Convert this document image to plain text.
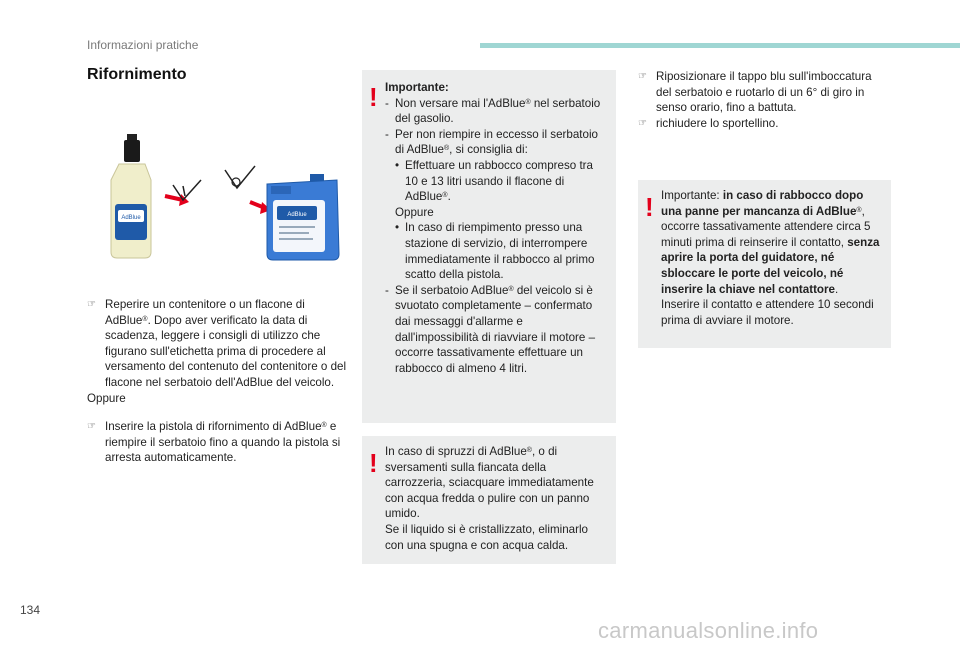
Informazioni pratiche
Rifornimento
AdBlue	AdBlue
☞ Reperire un contenitore o un flacone di AdBlue®. Dopo aver verificato la data di scadenza, leggere i consigli di utilizzo che figurano sull'etichetta prima di procedere al versamento del contenuto del contenitore o del flacone nel serbatoio dell'AdBlue del veicolo.
Oppure
☞ Inserire la pistola di rifornimento di AdBlue® e riempire il serbatoio fino a quando la pistola si arresta automaticamente.
! Importante:
- Non versare mai l'AdBlue® nel serbatoio del gasolio.
- Per non riempire in eccesso il serbatoio di AdBlue®, si consiglia di:
• Effettuare un rabbocco compreso tra 10 e 13 litri usando il flacone di AdBlue®.
Oppure
• In caso di riempimento presso una stazione di servizio, di interrompere immediatamente il rabbocco al primo scatto della pistola.
- Se il serbatoio AdBlue® del veicolo si è svuotato completamente – confermato dai messaggi d'allarme e dall'impossibilità di riavviare il motore – occorre tassativamente effettuare un rabbocco di almeno 4 litri.
! In caso di spruzzi di AdBlue®, o di sversamenti sulla fiancata della carrozzeria, sciacquare immediatamente con acqua fredda o pulire con un panno umido.
Se il liquido si è cristallizzato, eliminarlo con una spugna e con acqua calda.
☞ Riposizionare il tappo blu sull'imboccatura del serbatoio e ruotarlo di un 6° di giro in senso orario, fino a battuta.
☞ richiudere lo sportellino.
! Importante: in caso di rabbocco dopo una panne per mancanza di AdBlue®, occorre tassativamente attendere circa 5 minuti prima di reinserire il contatto, senza aprire la porta del guidatore, né sbloccare le porte del veicolo, né inserire la chiave nel contattore.
Inserire il contatto e attendere 10 secondi prima di avviare il motore.
134
carmanualsonline.info
